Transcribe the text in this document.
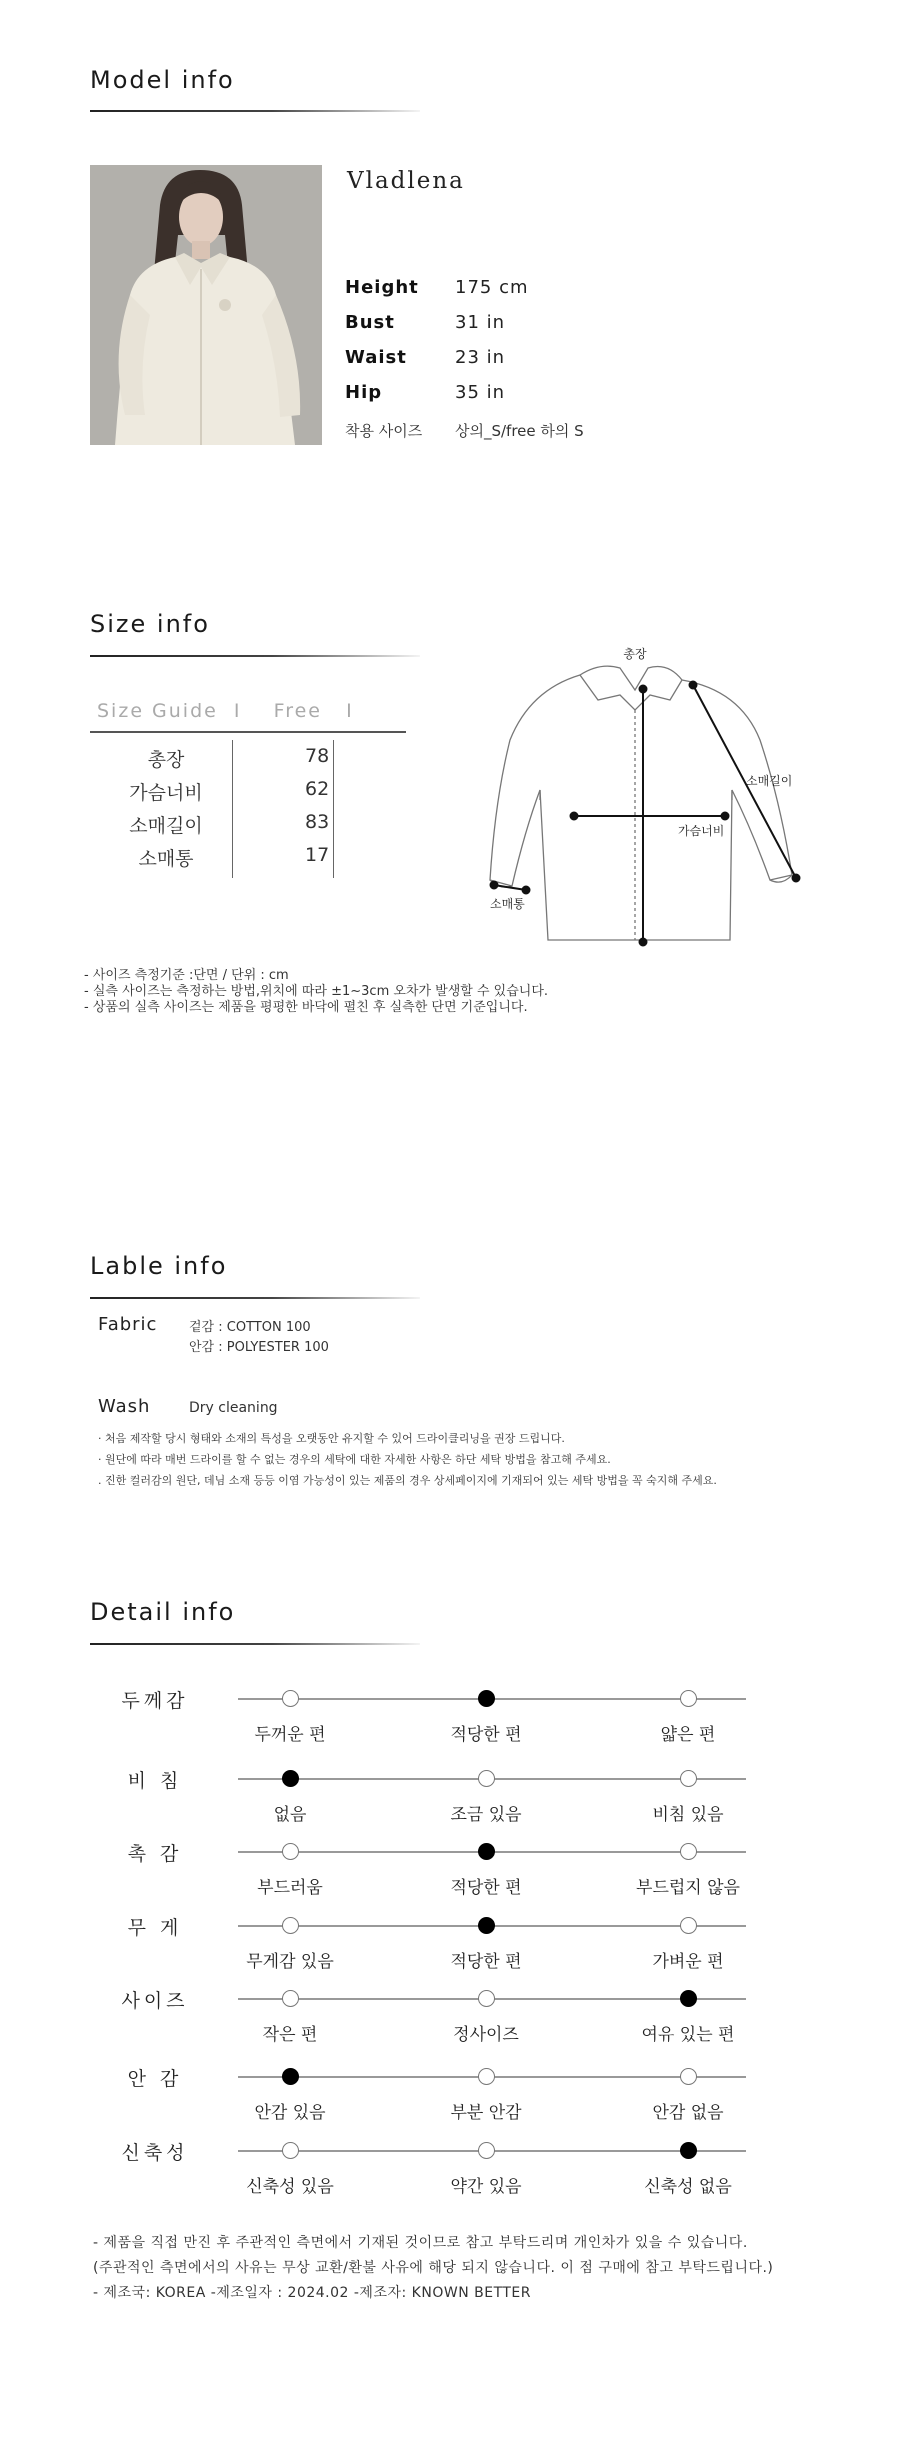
Model info
Vladlena
Height 175 cm
Bust	31 in
Waist	23 in
Hip	35 in
착용 사이즈 상의_S/free 하의 S
Size info
Size Guide  I    Free   I
총장	78
가슴너비	62
소매길이	83
소매통	17
총장
가슴너비
소매길이
소매통
- 사이즈 측정기준 :단면 / 단위 : cm
- 실측 사이즈는 측정하는 방법,위치에 따라 ±1~3cm 오차가 발생할 수 있습니다.
- 상품의 실측 사이즈는 제품을 평평한 바닥에 펼친 후 실측한 단면 기준입니다.
Lable info
Fabric 겉감 : COTTON 100
안감 : POLYESTER 100
Wash	Dry cleaning
· 처음 제작할 당시 형태와 소재의 특성을 오랫동안 유지할 수 있어 드라이클리닝을 권장 드립니다.
· 원단에 따라 매번 드라이를 할 수 없는 경우의 세탁에 대한 자세한 사항은 하단 세탁 방법을 참고해 주세요.
. 진한 컬러감의 원단, 데님 소재 등등 이염 가능성이 있는 제품의 경우 상세페이지에 기재되어 있는 세탁 방법을 꼭 숙지해 주세요.
Detail info
두께감
두꺼운 편	적당한 편	얇은 편
비 침
없음	조금 있음	비침 있음
촉 감
부드러움	적당한 편	부드럽지 않음
무 게
무게감 있음	적당한 편	가벼운 편
사이즈
작은 편	정사이즈	여유 있는 편
안 감
안감 있음	부분 안감	안감 없음
신축성
신축성 있음	약간 있음	신축성 없음
- 제품을 직접 만진 후 주관적인 측면에서 기재된 것이므로 참고 부탁드리며 개인차가 있을 수 있습니다.
(주관적인 측면에서의 사유는 무상 교환/환불 사유에 해당 되지 않습니다. 이 점 구매에 참고 부탁드립니다.)
- 제조국: KOREA -제조일자 : 2024.02 -제조자: KNOWN BETTER
